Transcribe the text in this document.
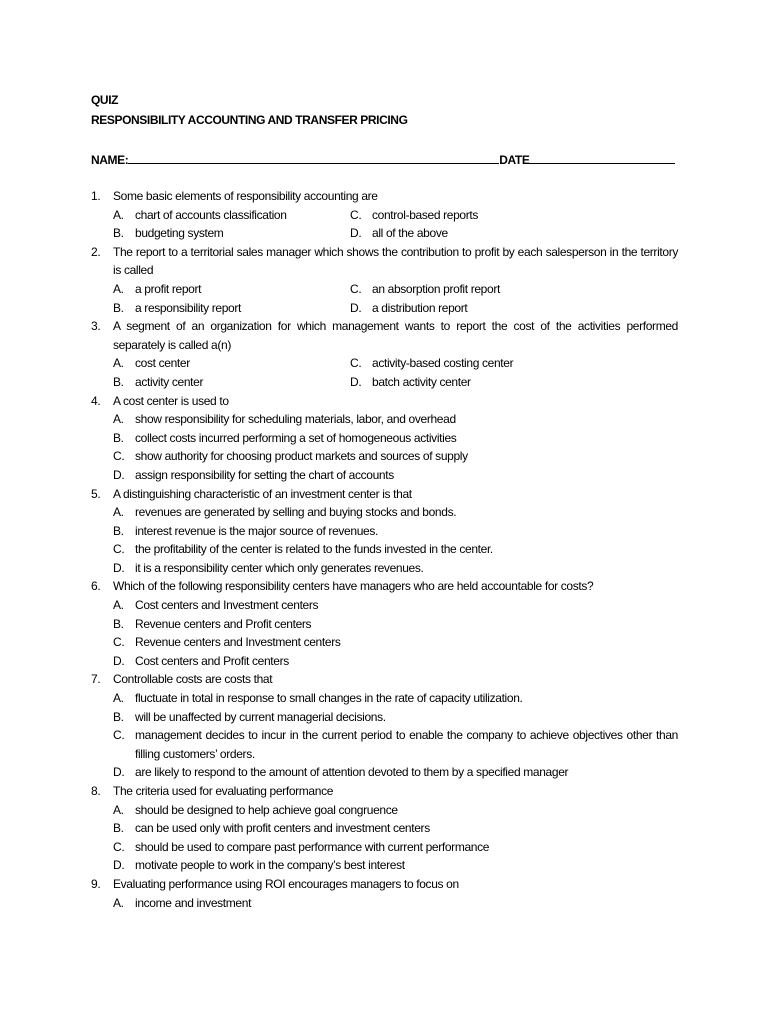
QUIZ
RESPONSIBILITY ACCOUNTING AND TRANSFER PRICING
NAME:	DATE
1. Some basic elements of responsibility accounting are
A. chart of accounts classification	C. control-based reports
B. budgeting system	D. all of the above
2. The report to a territorial sales manager which shows the contribution to profit by each salesperson in the territory is called
A. a profit report	C. an absorption profit report
B. a responsibility report	D. a distribution report
3. A segment of an organization for which management wants to report the cost of the activities performed separately is called a(n)
A. cost center	C. activity-based costing center
B. activity center	D. batch activity center
4. A cost center is used to
A. show responsibility for scheduling materials, labor, and overhead
B. collect costs incurred performing a set of homogeneous activities
C. show authority for choosing product markets and sources of supply
D. assign responsibility for setting the chart of accounts
5. A distinguishing characteristic of an investment center is that
A. revenues are generated by selling and buying stocks and bonds.
B. interest revenue is the major source of revenues.
C. the profitability of the center is related to the funds invested in the center.
D. it is a responsibility center which only generates revenues.
6. Which of the following responsibility centers have managers who are held accountable for costs?
A. Cost centers and Investment centers
B. Revenue centers and Profit centers
C. Revenue centers and Investment centers
D. Cost centers and Profit centers
7. Controllable costs are costs that
A. fluctuate in total in response to small changes in the rate of capacity utilization.
B. will be unaffected by current managerial decisions.
C. management decides to incur in the current period to enable the company to achieve objectives other than filling customers’ orders.
D. are likely to respond to the amount of attention devoted to them by a specified manager
8. The criteria used for evaluating performance
A. should be designed to help achieve goal congruence
B. can be used only with profit centers and investment centers
C. should be used to compare past performance with current performance
D. motivate people to work in the company’s best interest
9. Evaluating performance using ROI encourages managers to focus on
A. income and investment
